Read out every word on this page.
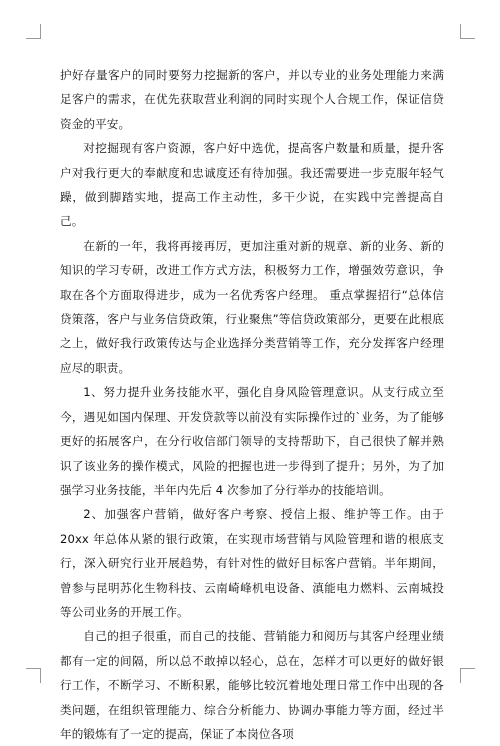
护好存量客户的同时要努力挖掘新的客户，并以专业的业务处理能力来满足客户的需求，在优先获取营业利润的同时实现个人合规工作，保证信贷资金的平安。

对挖掘现有客户资源，客户好中选优，提高客户数量和质量，提升客户对我行更大的奉献度和忠诚度还有待加强。我还需要进一步克服年轻气躁，做到脚踏实地，提高工作主动性，多干少说，在实践中完善提高自己。

在新的一年，我将再接再厉，更加注重对新的规章、新的业务、新的知识的学习专研，改进工作方式方法，积极努力工作，增强效劳意识，争取在各个方面取得进步，成为一名优秀客户经理。 重点掌握招行“总体信贷策落，客户与业务信贷政策，行业聚焦”等信贷政策部分，更要在此根底之上，做好我行政策传达与企业选择分类营销等工作，充分发挥客户经理应尽的职责。

1、努力提升业务技能水平，强化自身风险管理意识。从支行成立至今，遇见如国内保理、开发贷款等以前没有实际操作过的`业务，为了能够更好的拓展客户，在分行收信部门领导的支持帮助下，自己很快了解并熟识了该业务的操作模式，风险的把握也进一步得到了提升；另外，为了加强学习业务技能，半年内先后 4 次参加了分行举办的技能培训。

2、加强客户营销，做好客户考察、授信上报、维护等工作。由于 20xx 年总体从紧的银行政策，在实现市场营销与风险管理和谐的根底支行，深入研究行业开展趋势，有针对性的做好目标客户营销。半年期间，曾参与昆明苏化生物科技、云南崎峰机电设备、滇能电力燃料、云南城投等公司业务的开展工作。

自己的担子很重，而自己的技能、营销能力和阅历与其客户经理业绩都有一定的间隔，所以总不敢掉以轻心，总在，怎样才可以更好的做好银行工作，不断学习、不断积累，能够比较沉着地处理日常工作中出现的各类问题，在组织管理能力、综合分析能力、协调办事能力等方面，经过半年的锻炼有了一定的提高，保证了本岗位各项
